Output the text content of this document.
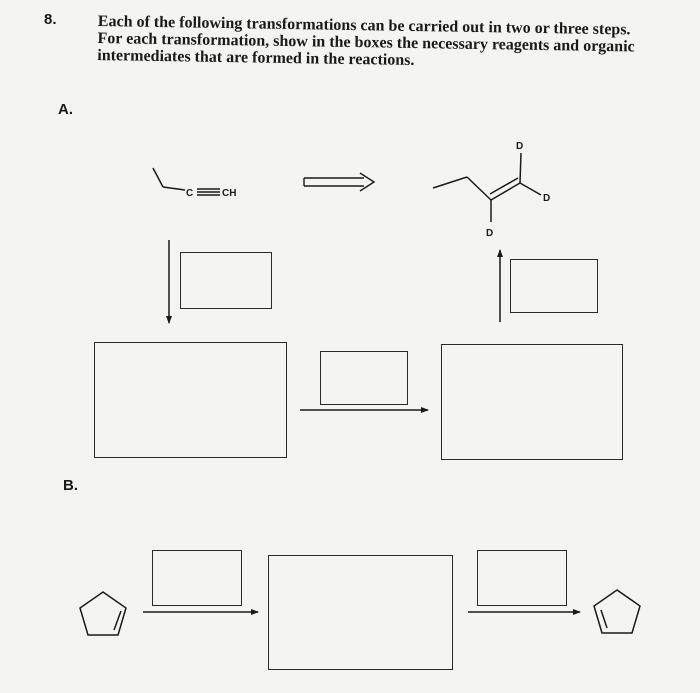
8.	Each of the following transformations can be carried out in two or three steps. For each transformation, show in the boxes the necessary reagents and organic intermediates that are formed in the reactions.
A.
B.
C	CH
D
D
D
